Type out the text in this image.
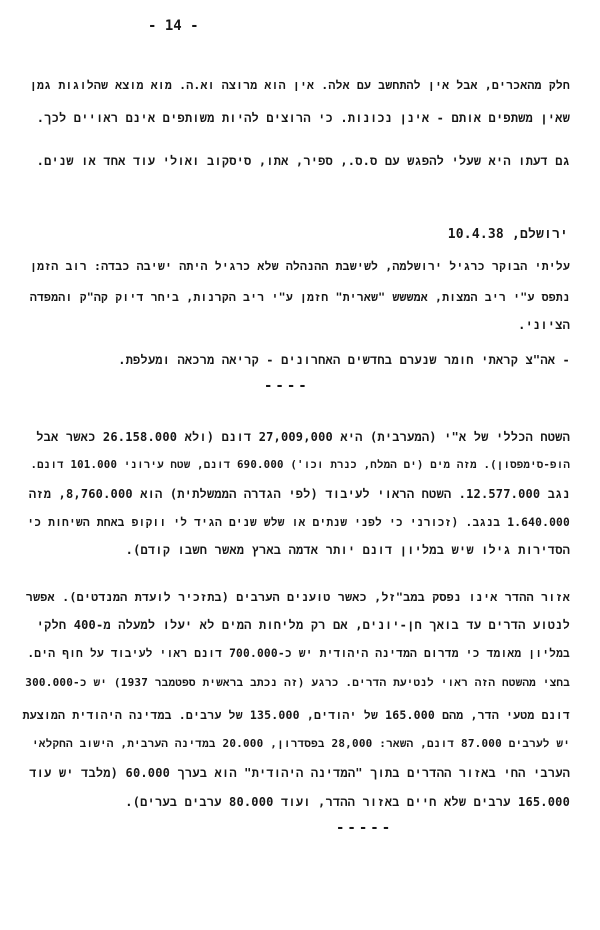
- 14 -
חלק מהאכרים, אבל אין להתחשב עם אלה. אין הוא מרוצה וא.ה. מוא מוצא שהלוגות גמן
שאין משתפים אותם - אינן נכונות. כי הרוצים להיות משותפים אינם ראויים לכך.
גם דעתו היא שעלי להפגש עם ס.ס., ספיר, אתו, סיסקוב ואולי עוד אחד או שנים.
ירושלם, 10.4.38
עליתי הבוקר כרגיל ירושלמה, לשישבת ההנהלה שלא כרגיל היתה ישיבה כבדה: רוב הזמן
נתפס ע"י ריב המצות, אמששש "שארית" חזמן ע"י ריב הקרנות, ביחר דיוק קה"ק והמפדה
הציוני.
- אה"צ קראתי חומר שנערם בחדשים האחרונים - קריאה מרכאה ומעלפת.
----
השטח הכללי של א"י (המערבית) היא 27,009,000 דונם (ולא 26.158.000 כאשר אבל
הופ-סימפסון). מזה מים (ים המלח, כנרת וכו') 690.000 דונם, שטח עירוני 101.000 דונם.
נגב 12.577.000. השטח הראוי לעיבוד (לפי הגדרה הממשלתית) הוא 8,760.000, מזה
1.640.000 בנגב. (זכורני כי לפני שנתים או שלש שנים הגיד לי ווקופ באחת השיחות כי
הסדירות גילו שיש במליון דונם יותר אדמה בארץ מאשר חשבו קודם).
אזור ההדר אינו נפסק במב"זל, כאשר טוענים הערבים (בתזכיר לועדת המנדטים). אפשר
לנטוע הדרים עד בואך חן-יונים, אם רק מליחות המים לא יעלו למעלה מ-400 חלקי
במליון מאומד כי מדרום המדינה היהודית יש כ-700.000 דונם ראוי לעיבוד על חוף הים.
בחצי מהשטח הזה ראוי לנטיעת הדרים. כרגע (זה נכתב בראשית ספטמבר 1937) יש כ-300.000
דונם מטעי הדר, מהם 165.000 של יהודים, 135.000 של ערבים. במדינה היהודית המוצעת
יש לערבים 87.000 דונם, השאר: 28,000 בפסדרון, 20.000 במדינה הערבית, הישוב החקלאי
הערבי החי באזור ההדרים בתוך "המדינה היהודית" הוא בערך 60.000 (מלבד יש עוד
165.000 ערבים שלא חיים באזור ההדר, ועוד 80.000 ערבים בערים).
-----
